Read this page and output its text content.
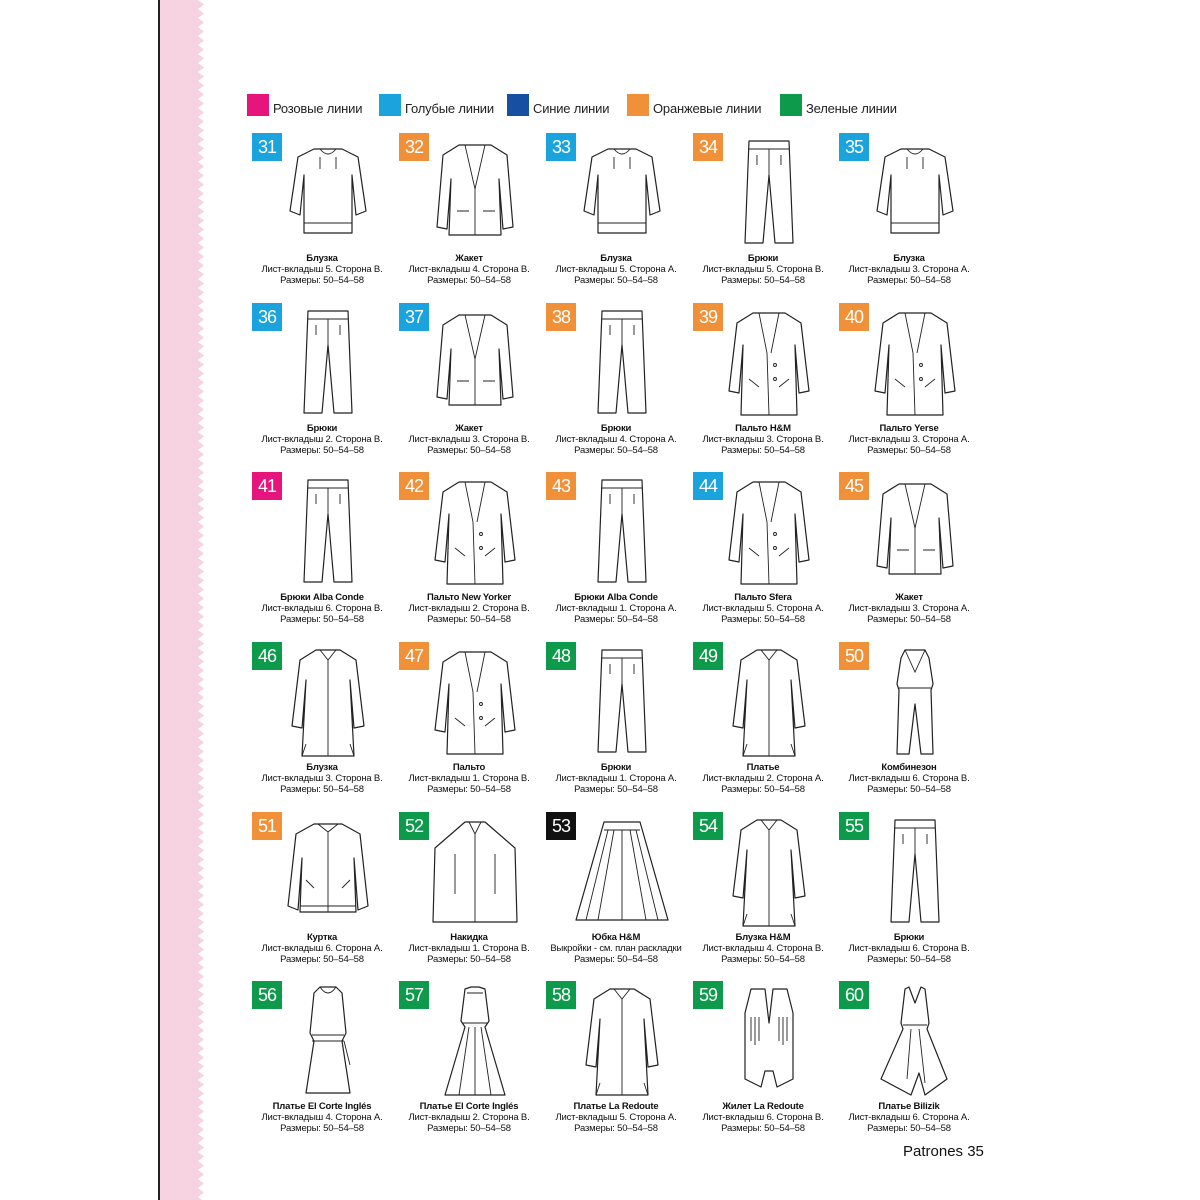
Розовые линии	Голубые линии	Синие линии	Оранжевые линии	Зеленые линии
31
Блузка
Лист-вкладыш 5. Сторона B.
Размеры: 50–54–58
32
Жакет
Лист-вкладыш 4. Сторона B.
Размеры: 50–54–58
33
Блузка
Лист-вкладыш 5. Сторона A.
Размеры: 50–54–58
34
Брюки
Лист-вкладыш 5. Сторона B.
Размеры: 50–54–58
35
Блузка
Лист-вкладыш 3. Сторона A.
Размеры: 50–54–58
36
Брюки
Лист-вкладыш 2. Сторона B.
Размеры: 50–54–58
37
Жакет
Лист-вкладыш 3. Сторона B.
Размеры: 50–54–58
38
Брюки
Лист-вкладыш 4. Сторона A.
Размеры: 50–54–58
39
Пальто H&M
Лист-вкладыш 3. Сторона B.
Размеры: 50–54–58
40
Пальто Yerse
Лист-вкладыш 3. Сторона A.
Размеры: 50–54–58
41
Брюки Alba Conde
Лист-вкладыш 6. Сторона B.
Размеры: 50–54–58
42
Пальто New Yorker
Лист-вкладыш 2. Сторона B.
Размеры: 50–54–58
43
Брюки Alba Conde
Лист-вкладыш 1. Сторона A.
Размеры: 50–54–58
44
Пальто Sfera
Лист-вкладыш 5. Сторона A.
Размеры: 50–54–58
45
Жакет
Лист-вкладыш 3. Сторона A.
Размеры: 50–54–58
46
Блузка
Лист-вкладыш 3. Сторона B.
Размеры: 50–54–58
47
Пальто
Лист-вкладыш 1. Сторона B.
Размеры: 50–54–58
48
Брюки
Лист-вкладыш 1. Сторона A.
Размеры: 50–54–58
49
Платье
Лист-вкладыш 2. Сторона A.
Размеры: 50–54–58
50
Комбинезон
Лист-вкладыш 6. Сторона B.
Размеры: 50–54–58
51
Куртка
Лист-вкладыш 6. Сторона A.
Размеры: 50–54–58
52
Накидка
Лист-вкладыш 1. Сторона B.
Размеры: 50–54–58
53
Юбка H&M
Выкройки - см. план раскладки
Размеры: 50–54–58
54
Блузка H&M
Лист-вкладыш 4. Сторона B.
Размеры: 50–54–58
55
Брюки
Лист-вкладыш 6. Сторона B.
Размеры: 50–54–58
56
Платье El Corte Inglés
Лист-вкладыш 4. Сторона A.
Размеры: 50–54–58
57
Платье El Corte Inglés
Лист-вкладыш 2. Сторона B.
Размеры: 50–54–58
58
Платье La Redoute
Лист-вкладыш 5. Сторона A.
Размеры: 50–54–58
59
Жилет La Redoute
Лист-вкладыш 6. Сторона B.
Размеры: 50–54–58
60
Платье Bilizik
Лист-вкладыш 6. Сторона A.
Размеры: 50–54–58
Patrones 35
